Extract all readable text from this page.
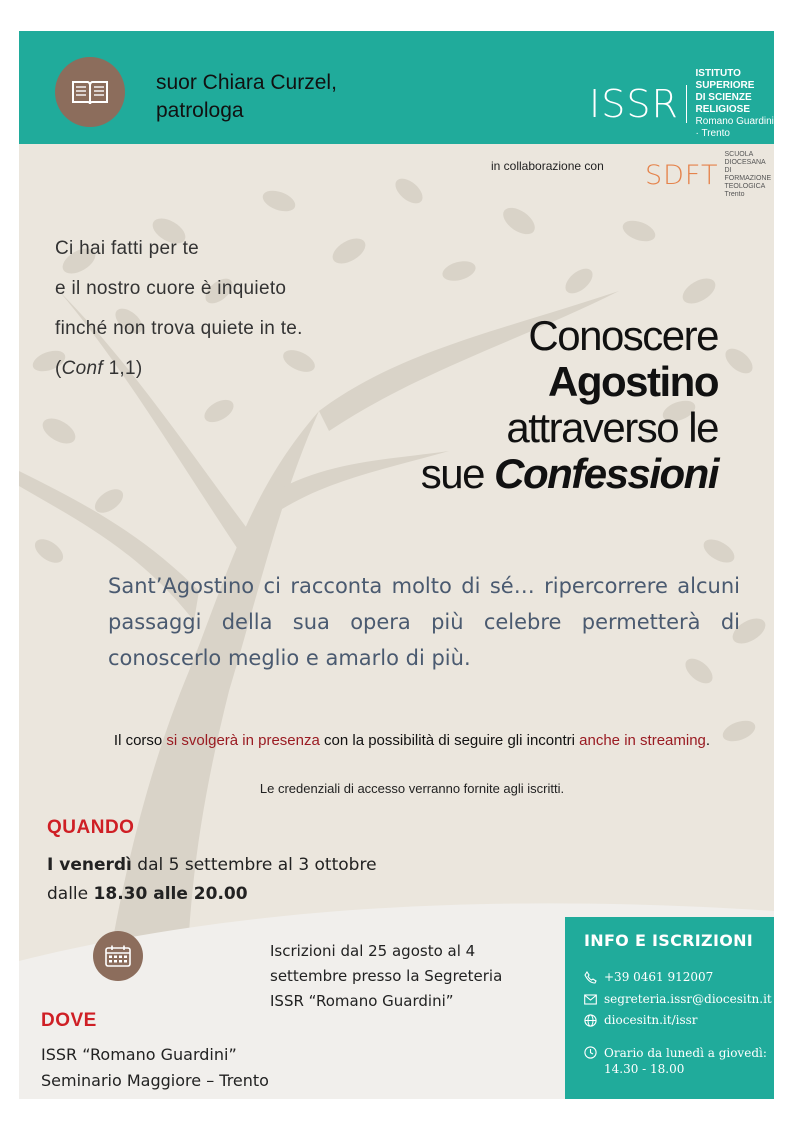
suor Chiara Curzel,
patrologa	ISSR
ISTITUTO SUPERIORE
DI SCIENZE RELIGIOSE
Romano Guardini · Trento
in collaborazione con SDFT
SCUOLA DIOCESANA
DI FORMAZIONE
TEOLOGICA Trento
Ci hai fatti per te
e il nostro cuore è inquieto
finché non trova quiete in te.
(Conf 1,1)
Conoscere
Agostino
attraverso le
sue Confessioni
Sant’Agostino ci racconta molto di sé… ripercorrere alcuni passaggi della sua opera più celebre permetterà di conoscerlo meglio e amarlo di più.
Il corso si svolgerà in presenza con la possibilità di seguire gli incontri anche in streaming.
Le credenziali di accesso verranno fornite agli iscritti.
QUANDO
I venerdì dal 5 settembre al 3 ottobre
dalle 18.30 alle 20.00
Iscrizioni dal 25 agosto al 4
settembre presso la Segreteria
ISSR “Romano Guardini”
DOVE
ISSR “Romano Guardini”
Seminario Maggiore – Trento
INFO E ISCRIZIONI
+39 0461 912007
segreteria.issr@diocesitn.it
diocesitn.it/issr
Orario da lunedì a giovedì:
14.30 - 18.00
